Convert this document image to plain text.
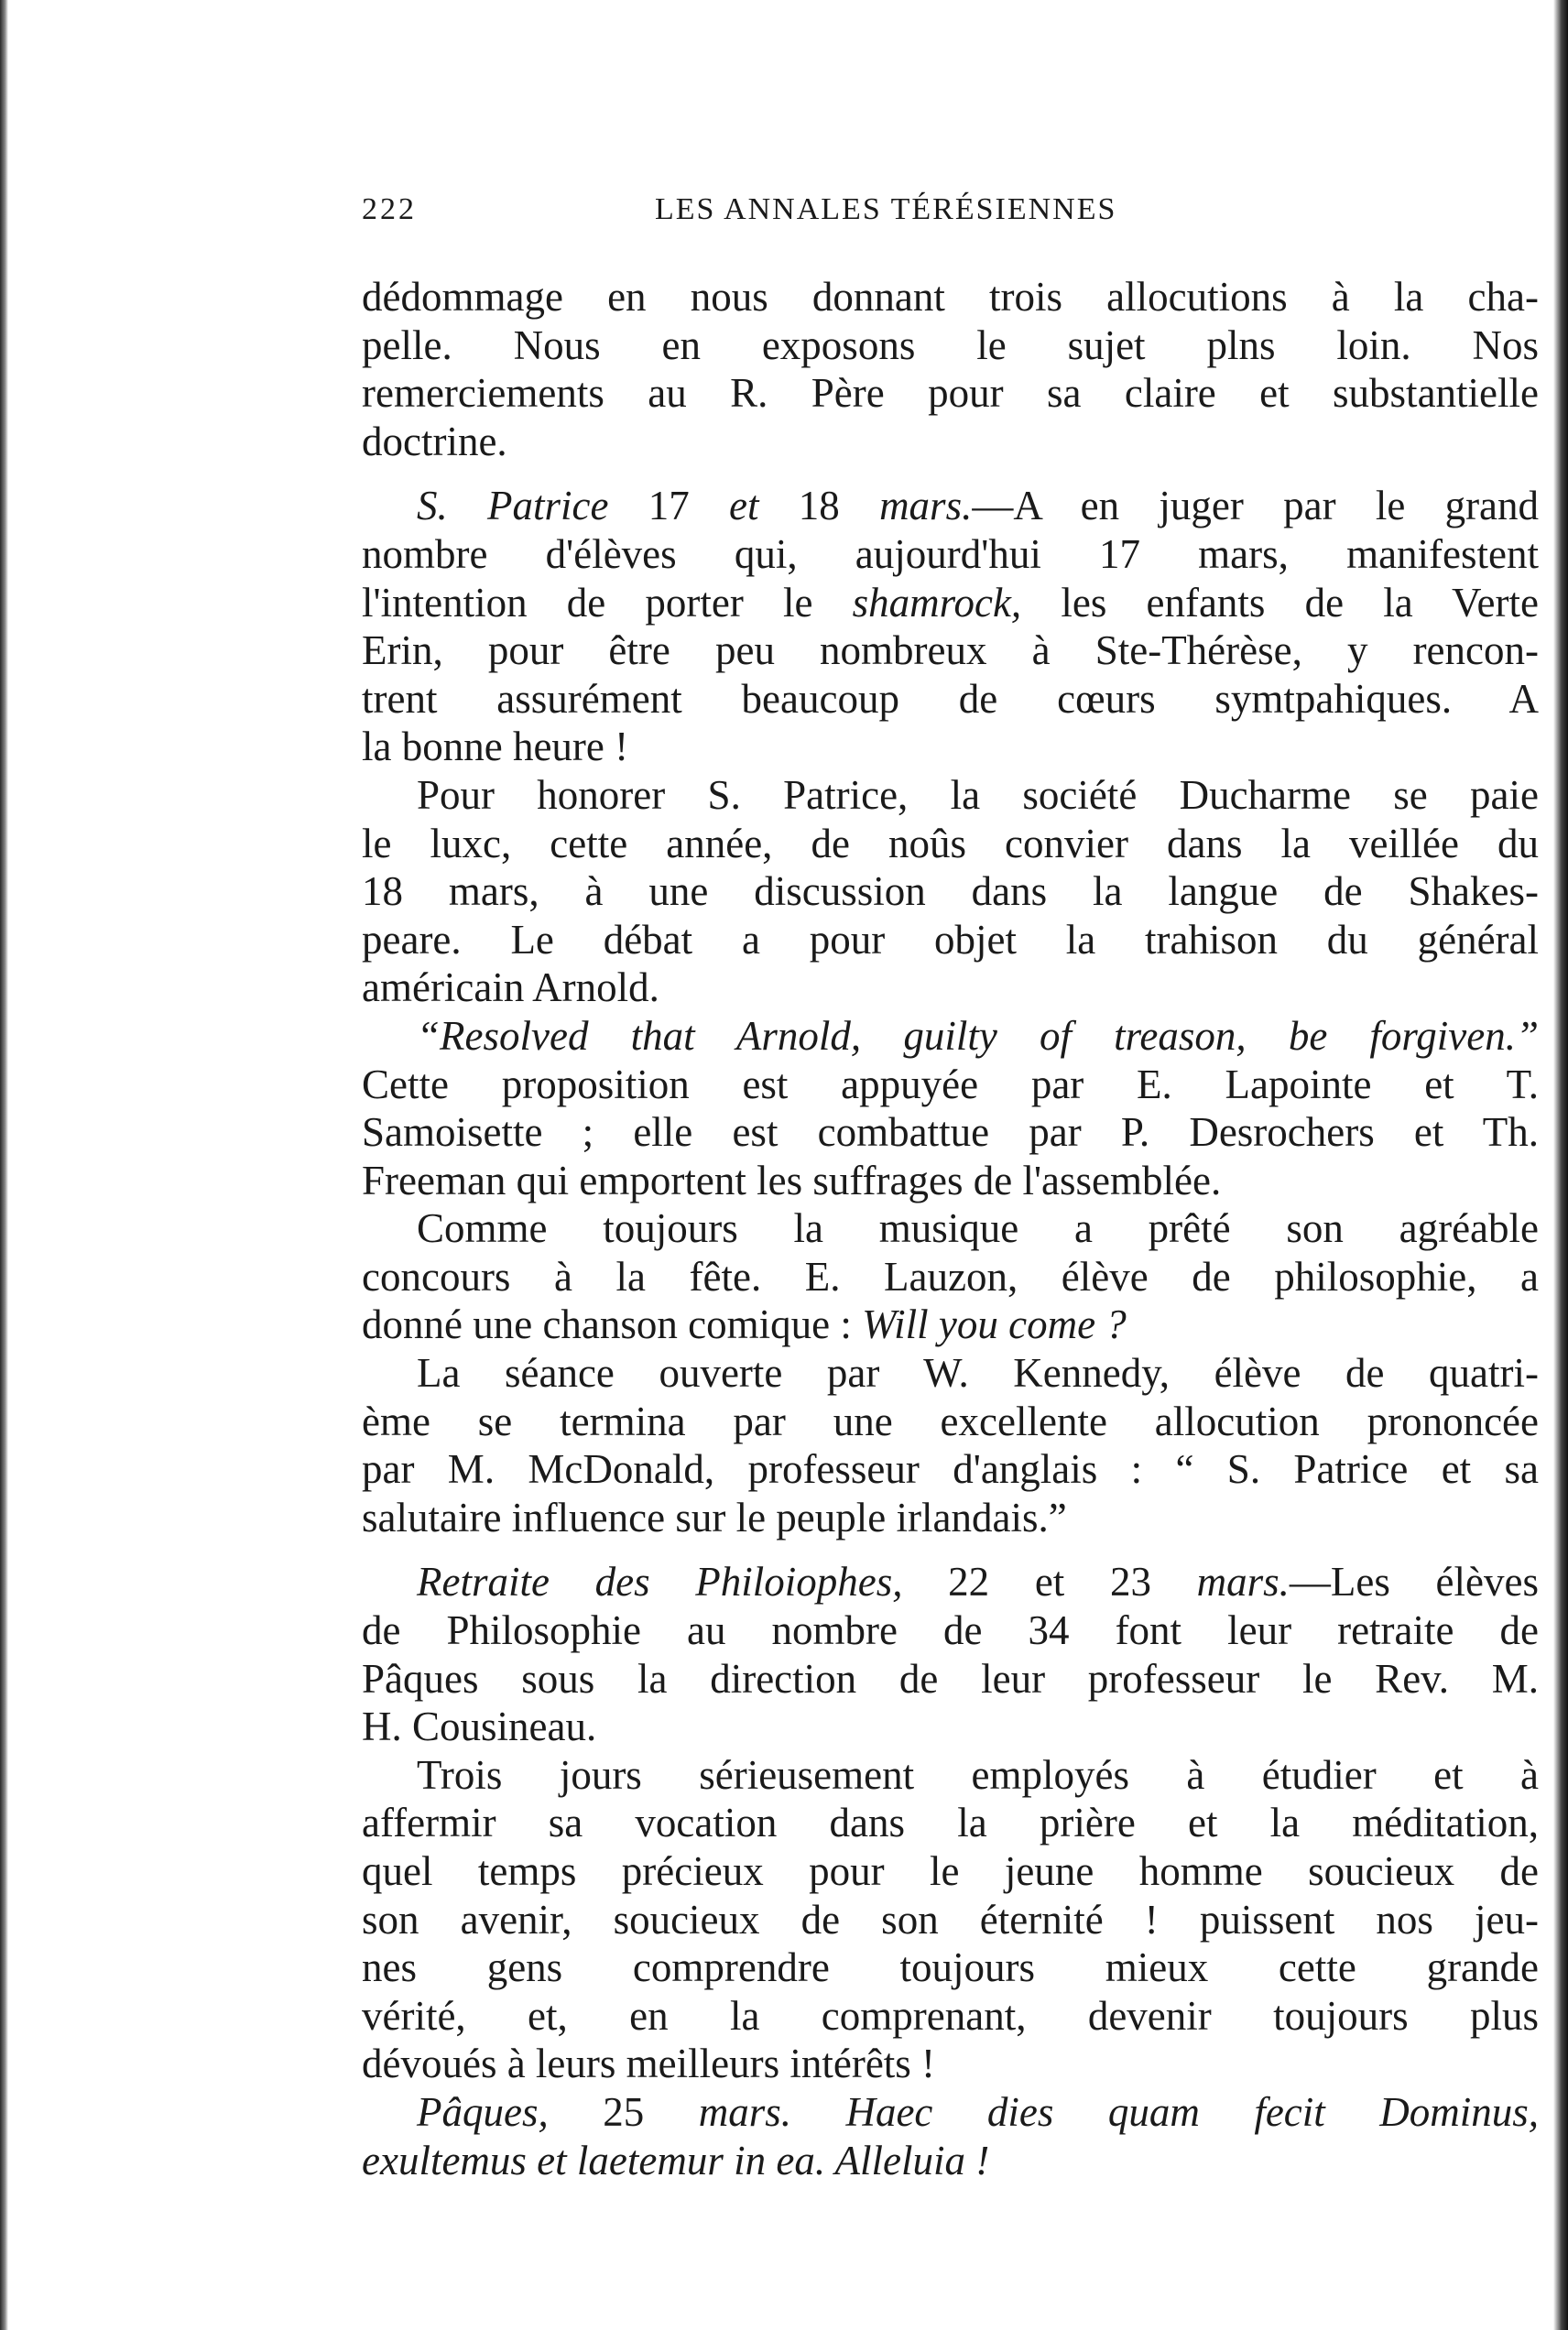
222	LES ANNALES TÉRÉSIENNES

dédommage en nous donnant trois allocutions à la cha-
pelle. Nous en exposons le sujet plns loin. Nos
remerciements au R. Père pour sa claire et substantielle
doctrine.

S. Patrice 17 et 18 mars.—A en juger par le grand
nombre d'élèves qui, aujourd'hui 17 mars, manifestent
l'intention de porter le shamrock, les enfants de la Verte
Erin, pour être peu nombreux à Ste-Thérèse, y rencon-
trent assurément beaucoup de cœurs symtpahiques. A
la bonne heure !

Pour honorer S. Patrice, la société Ducharme se paie
le luxc, cette année, de noûs convier dans la veillée du
18 mars, à une discussion dans la langue de Shakes-
peare. Le débat a pour objet la trahison du général
américain Arnold.

“Resolved that Arnold, guilty of treason, be forgiven.”
Cette proposition est appuyée par E. Lapointe et T.
Samoisette ; elle est combattue par P. Desrochers et Th.
Freeman qui emportent les suffrages de l'assemblée.

Comme toujours la musique a prêté son agréable
concours à la fête. E. Lauzon, élève de philosophie, a
donné une chanson comique : Will you come ?

La séance ouverte par W. Kennedy, élève de quatri-
ème se termina par une excellente allocution prononcée
par M. McDonald, professeur d'anglais : “ S. Patrice et sa
salutaire influence sur le peuple irlandais.”

Retraite des Philoiophes, 22 et 23 mars.—Les élèves
de Philosophie au nombre de 34 font leur retraite de
Pâques sous la direction de leur professeur le Rev. M.
H. Cousineau.

Trois jours sérieusement employés à étudier et à
affermir sa vocation dans la prière et la méditation,
quel temps précieux pour le jeune homme soucieux de
son avenir, soucieux de son éternité ! puissent nos jeu-
nes gens comprendre toujours mieux cette grande
vérité, et, en la comprenant, devenir toujours plus
dévoués à leurs meilleurs intérêts !

Pâques, 25 mars. Haec dies quam fecit Dominus,
exultemus et laetemur in ea. Alleluia !
